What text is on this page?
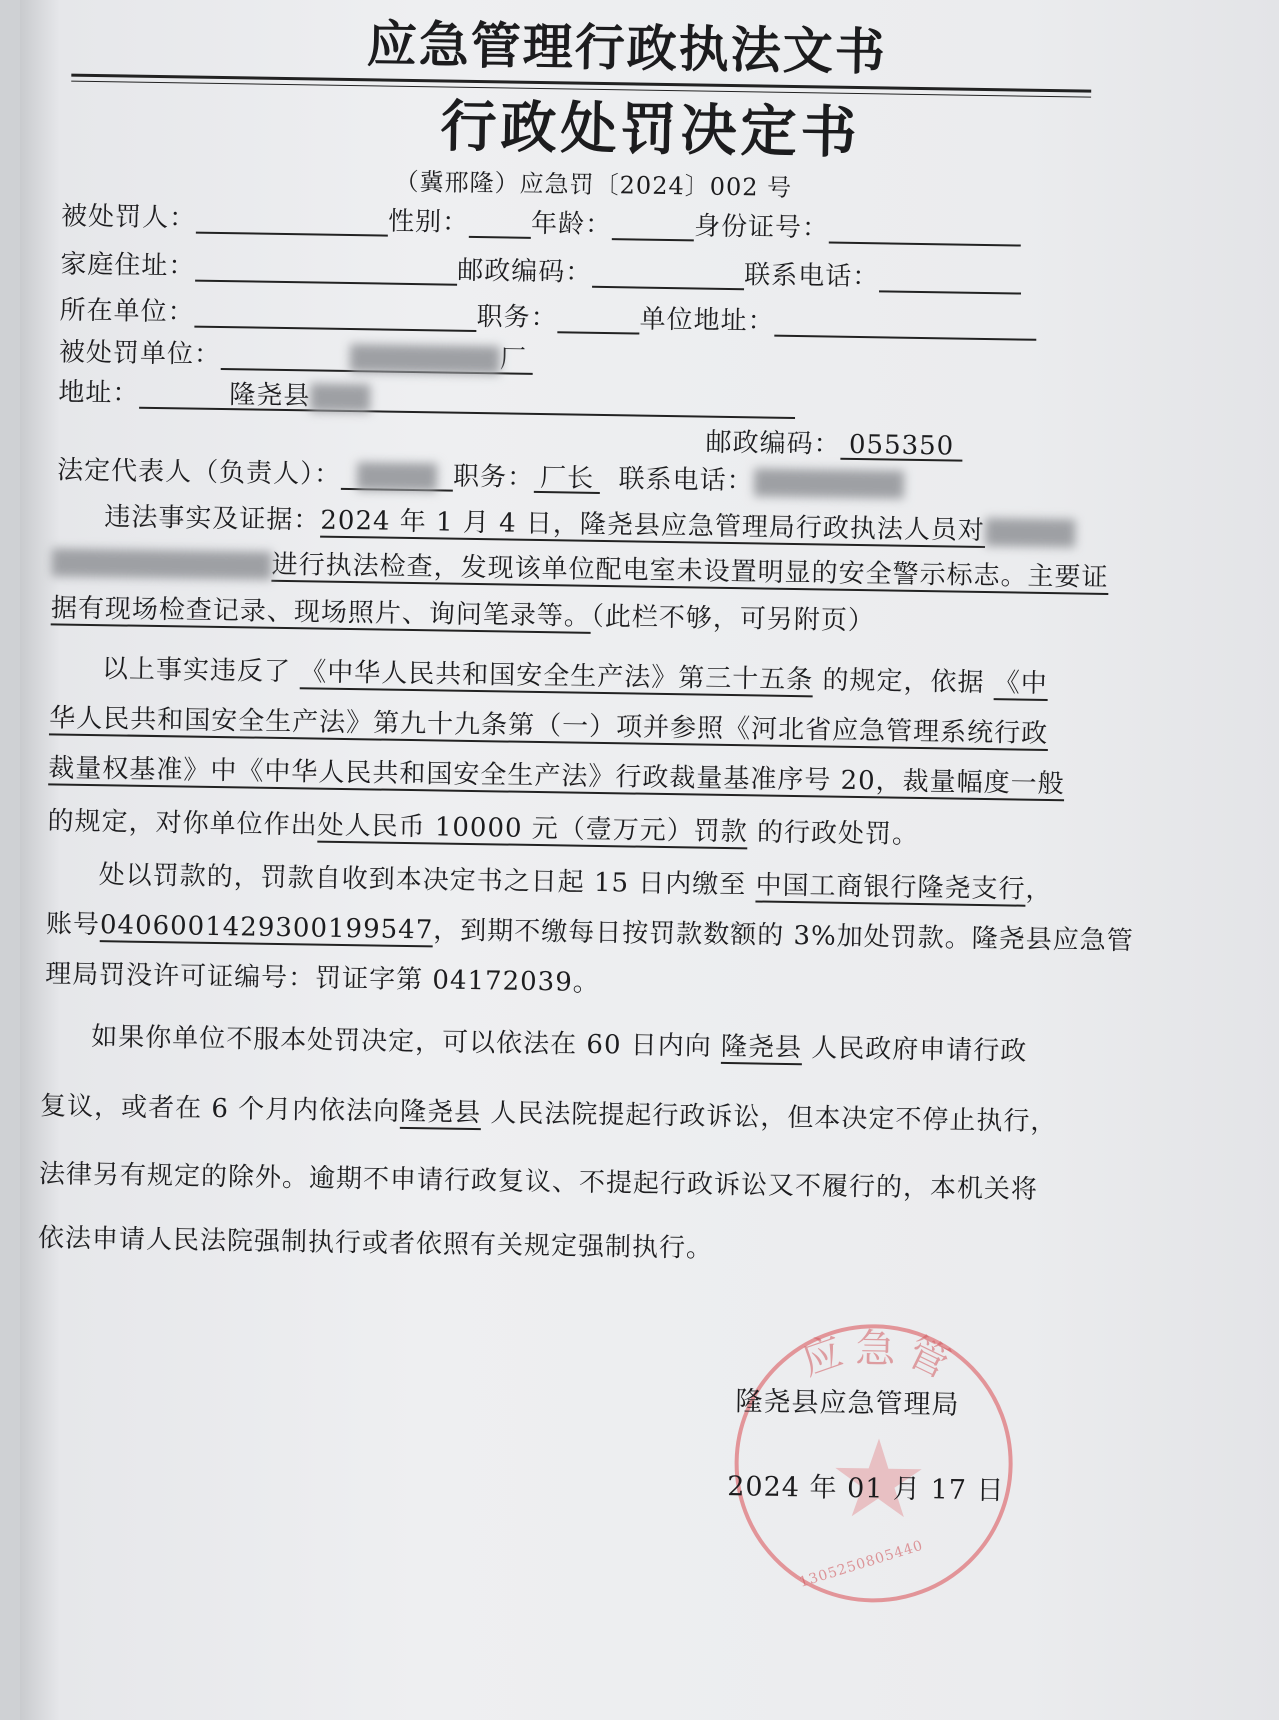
应急管理行政执法文书
行政处罚决定书
（冀邢隆）应急罚〔2024〕002 号
被处罚人：	性别： 年龄：	身份证号：
家庭住址：	邮政编码：	联系电话：
所在单位：	职务：	单位地址：
被处罚单位：	厂
地址：	隆尧县
邮政编码： 055350
法定代表人（负责人）：	职务： 厂长 联系电话：
违法事实及证据：2024 年 1 月 4 日，隆尧县应急管理局行政执法人员对
进行执法检查，发现该单位配电室未设置明显的安全警示标志。主要证
据有现场检查记录、现场照片、询问笔录等。（此栏不够，可另附页）
以上事实违反了 《中华人民共和国安全生产法》第三十五条 的规定，依据 《中
华人民共和国安全生产法》第九十九条第（一）项并参照《河北省应急管理系统行政
裁量权基准》中《中华人民共和国安全生产法》行政裁量基准序号 20，裁量幅度一般
的规定，对你单位作出处人民币 10000 元（壹万元）罚款 的行政处罚。
处以罚款的，罚款自收到本决定书之日起 15 日内缴至 中国工商银行隆尧支行，
账号0406001429300199547，到期不缴每日按罚款数额的 3%加处罚款。隆尧县应急管
理局罚没许可证编号：罚证字第 04172039。
如果你单位不服本处罚决定，可以依法在 60 日内向 隆尧县 人民政府申请行政
复议，或者在 6 个月内依法向隆尧县 人民法院提起行政诉讼，但本决定不停止执行，
法律另有规定的除外。逾期不申请行政复议、不提起行政诉讼又不履行的，本机关将
依法申请人民法院强制执行或者依照有关规定强制执行。
应 急 管
1305250805440
隆尧县应急管理局
2024 年 01 月 17 日
